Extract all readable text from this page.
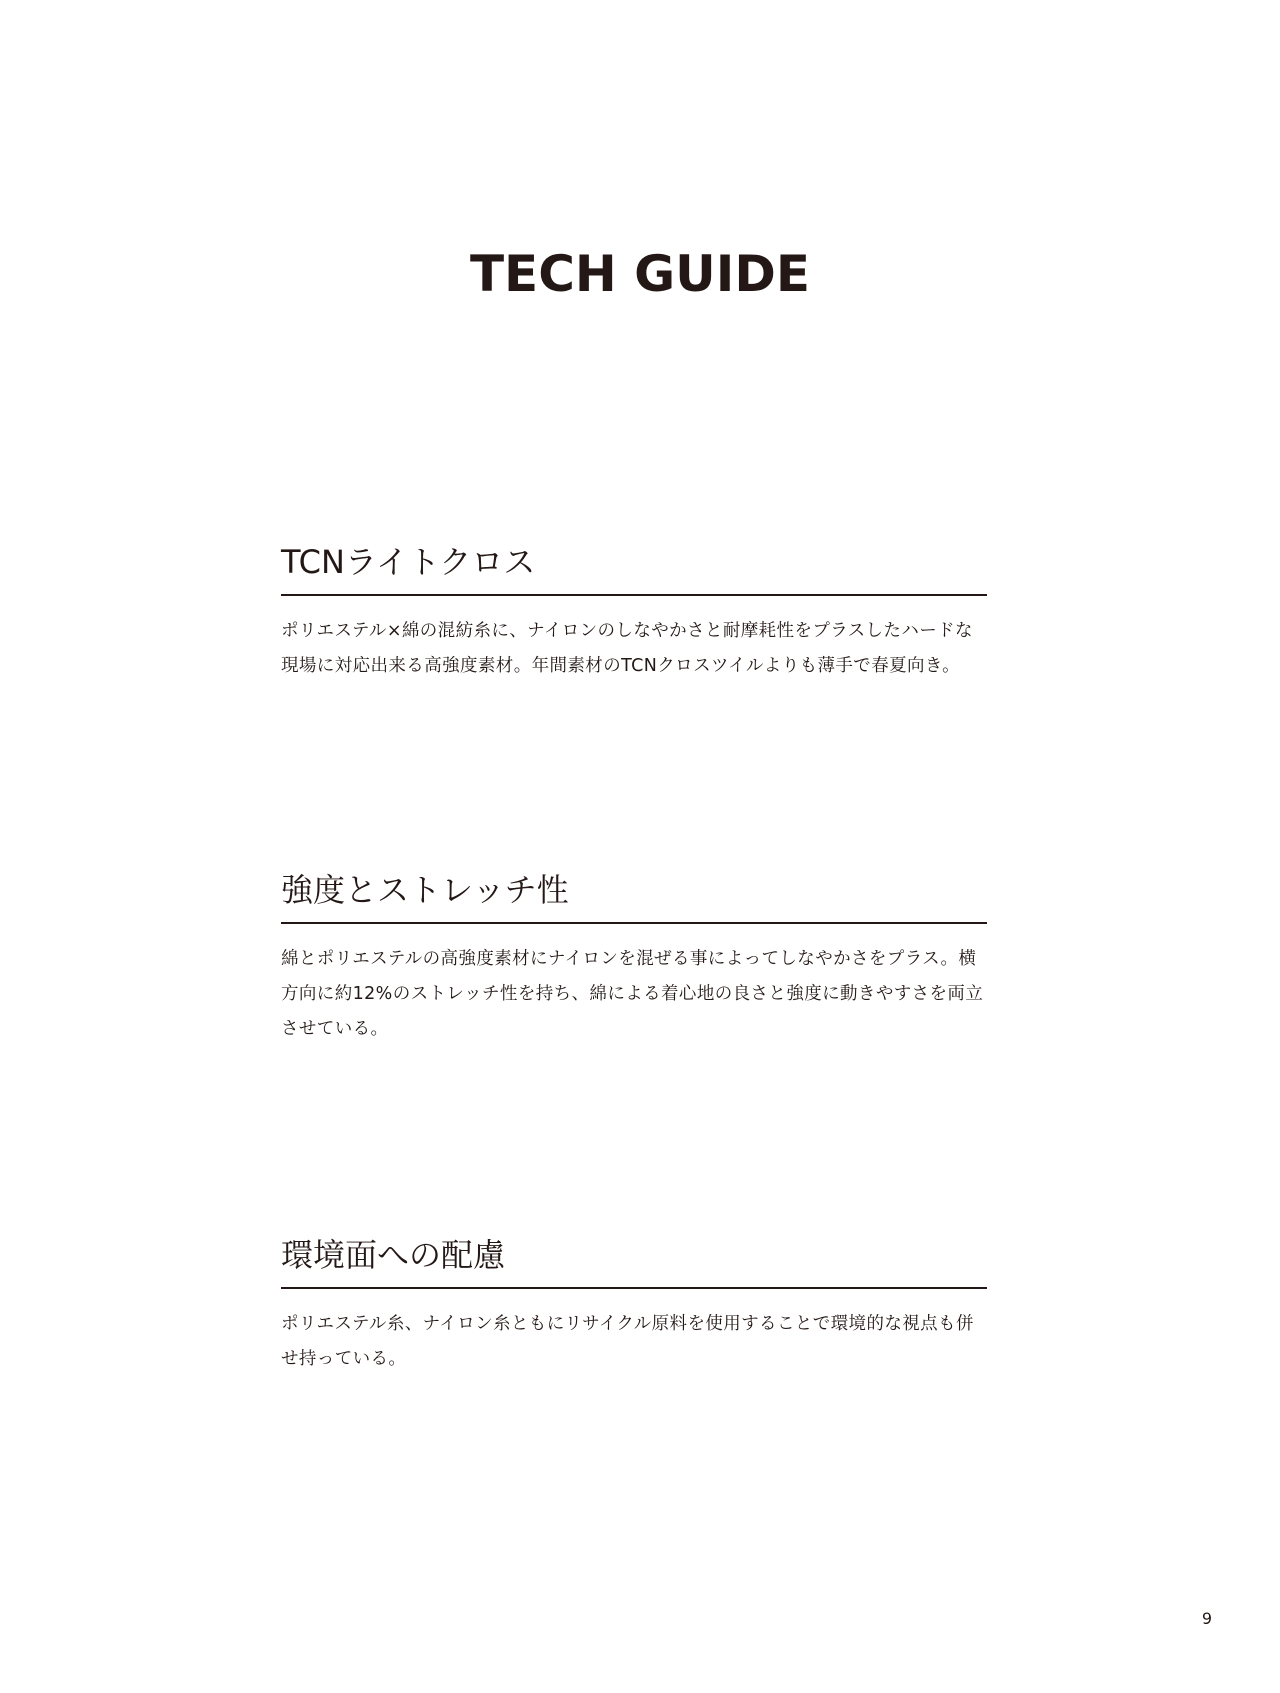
TECH GUIDE
TCNライトクロス

ポリエステル×綿の混紡糸に、ナイロンのしなやかさと耐摩耗性をプラスしたハードな現場に対応出来る高強度素材。年間素材のTCNクロスツイルよりも薄手で春夏向き。

強度とストレッチ性

綿とポリエステルの高強度素材にナイロンを混ぜる事によってしなやかさをプラス。横方向に約12%のストレッチ性を持ち、綿による着心地の良さと強度に動きやすさを両立させている。

環境面への配慮

ポリエステル糸、ナイロン糸ともにリサイクル原料を使用することで環境的な視点も併せ持っている。

9
